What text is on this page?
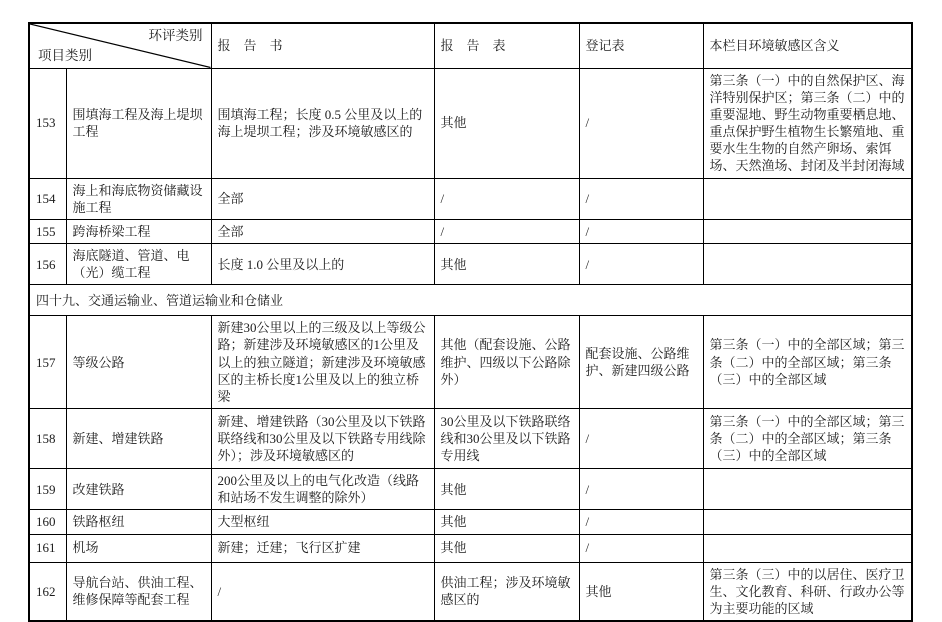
环评类别
项目类别		报　告　书	报　告　表	登记表	本栏目环境敏感区含义
153	围填海工程及海上堤坝工程	围填海工程；长度 0.5 公里及以上的海上堤坝工程；涉及环境敏感区的	其他	/	第三条（一）中的自然保护区、海洋特别保护区；第三条（二）中的重要湿地、野生动物重要栖息地、重点保护野生植物生长繁殖地、重要水生生物的自然产卵场、索饵场、天然渔场、封闭及半封闭海域
154	海上和海底物资储藏设施工程	全部	/	/	
155	跨海桥梁工程	全部	/	/	
156	海底隧道、管道、电（光）缆工程	长度 1.0 公里及以上的	其他	/	
四十九、交通运输业、管道运输业和仓储业					
157	等级公路	新建30公里以上的三级及以上等级公路；新建涉及环境敏感区的1公里及以上的独立隧道；新建涉及环境敏感区的主桥长度1公里及以上的独立桥梁	其他（配套设施、公路维护、四级以下公路除外）	配套设施、公路维护、新建四级公路	第三条（一）中的全部区域；第三条（二）中的全部区域；第三条（三）中的全部区域
158	新建、增建铁路	新建、增建铁路（30公里及以下铁路联络线和30公里及以下铁路专用线除外）；涉及环境敏感区的	30公里及以下铁路联络线和30公里及以下铁路专用线	/	第三条（一）中的全部区域；第三条（二）中的全部区域；第三条（三）中的全部区域
159	改建铁路	200公里及以上的电气化改造（线路和站场不发生调整的除外）	其他	/	
160	铁路枢纽	大型枢纽	其他	/	
161	机场	新建；迁建；飞行区扩建	其他	/	
162	导航台站、供油工程、维修保障等配套工程	/	供油工程；涉及环境敏感区的	其他	第三条（三）中的以居住、医疗卫生、文化教育、科研、行政办公等为主要功能的区域
